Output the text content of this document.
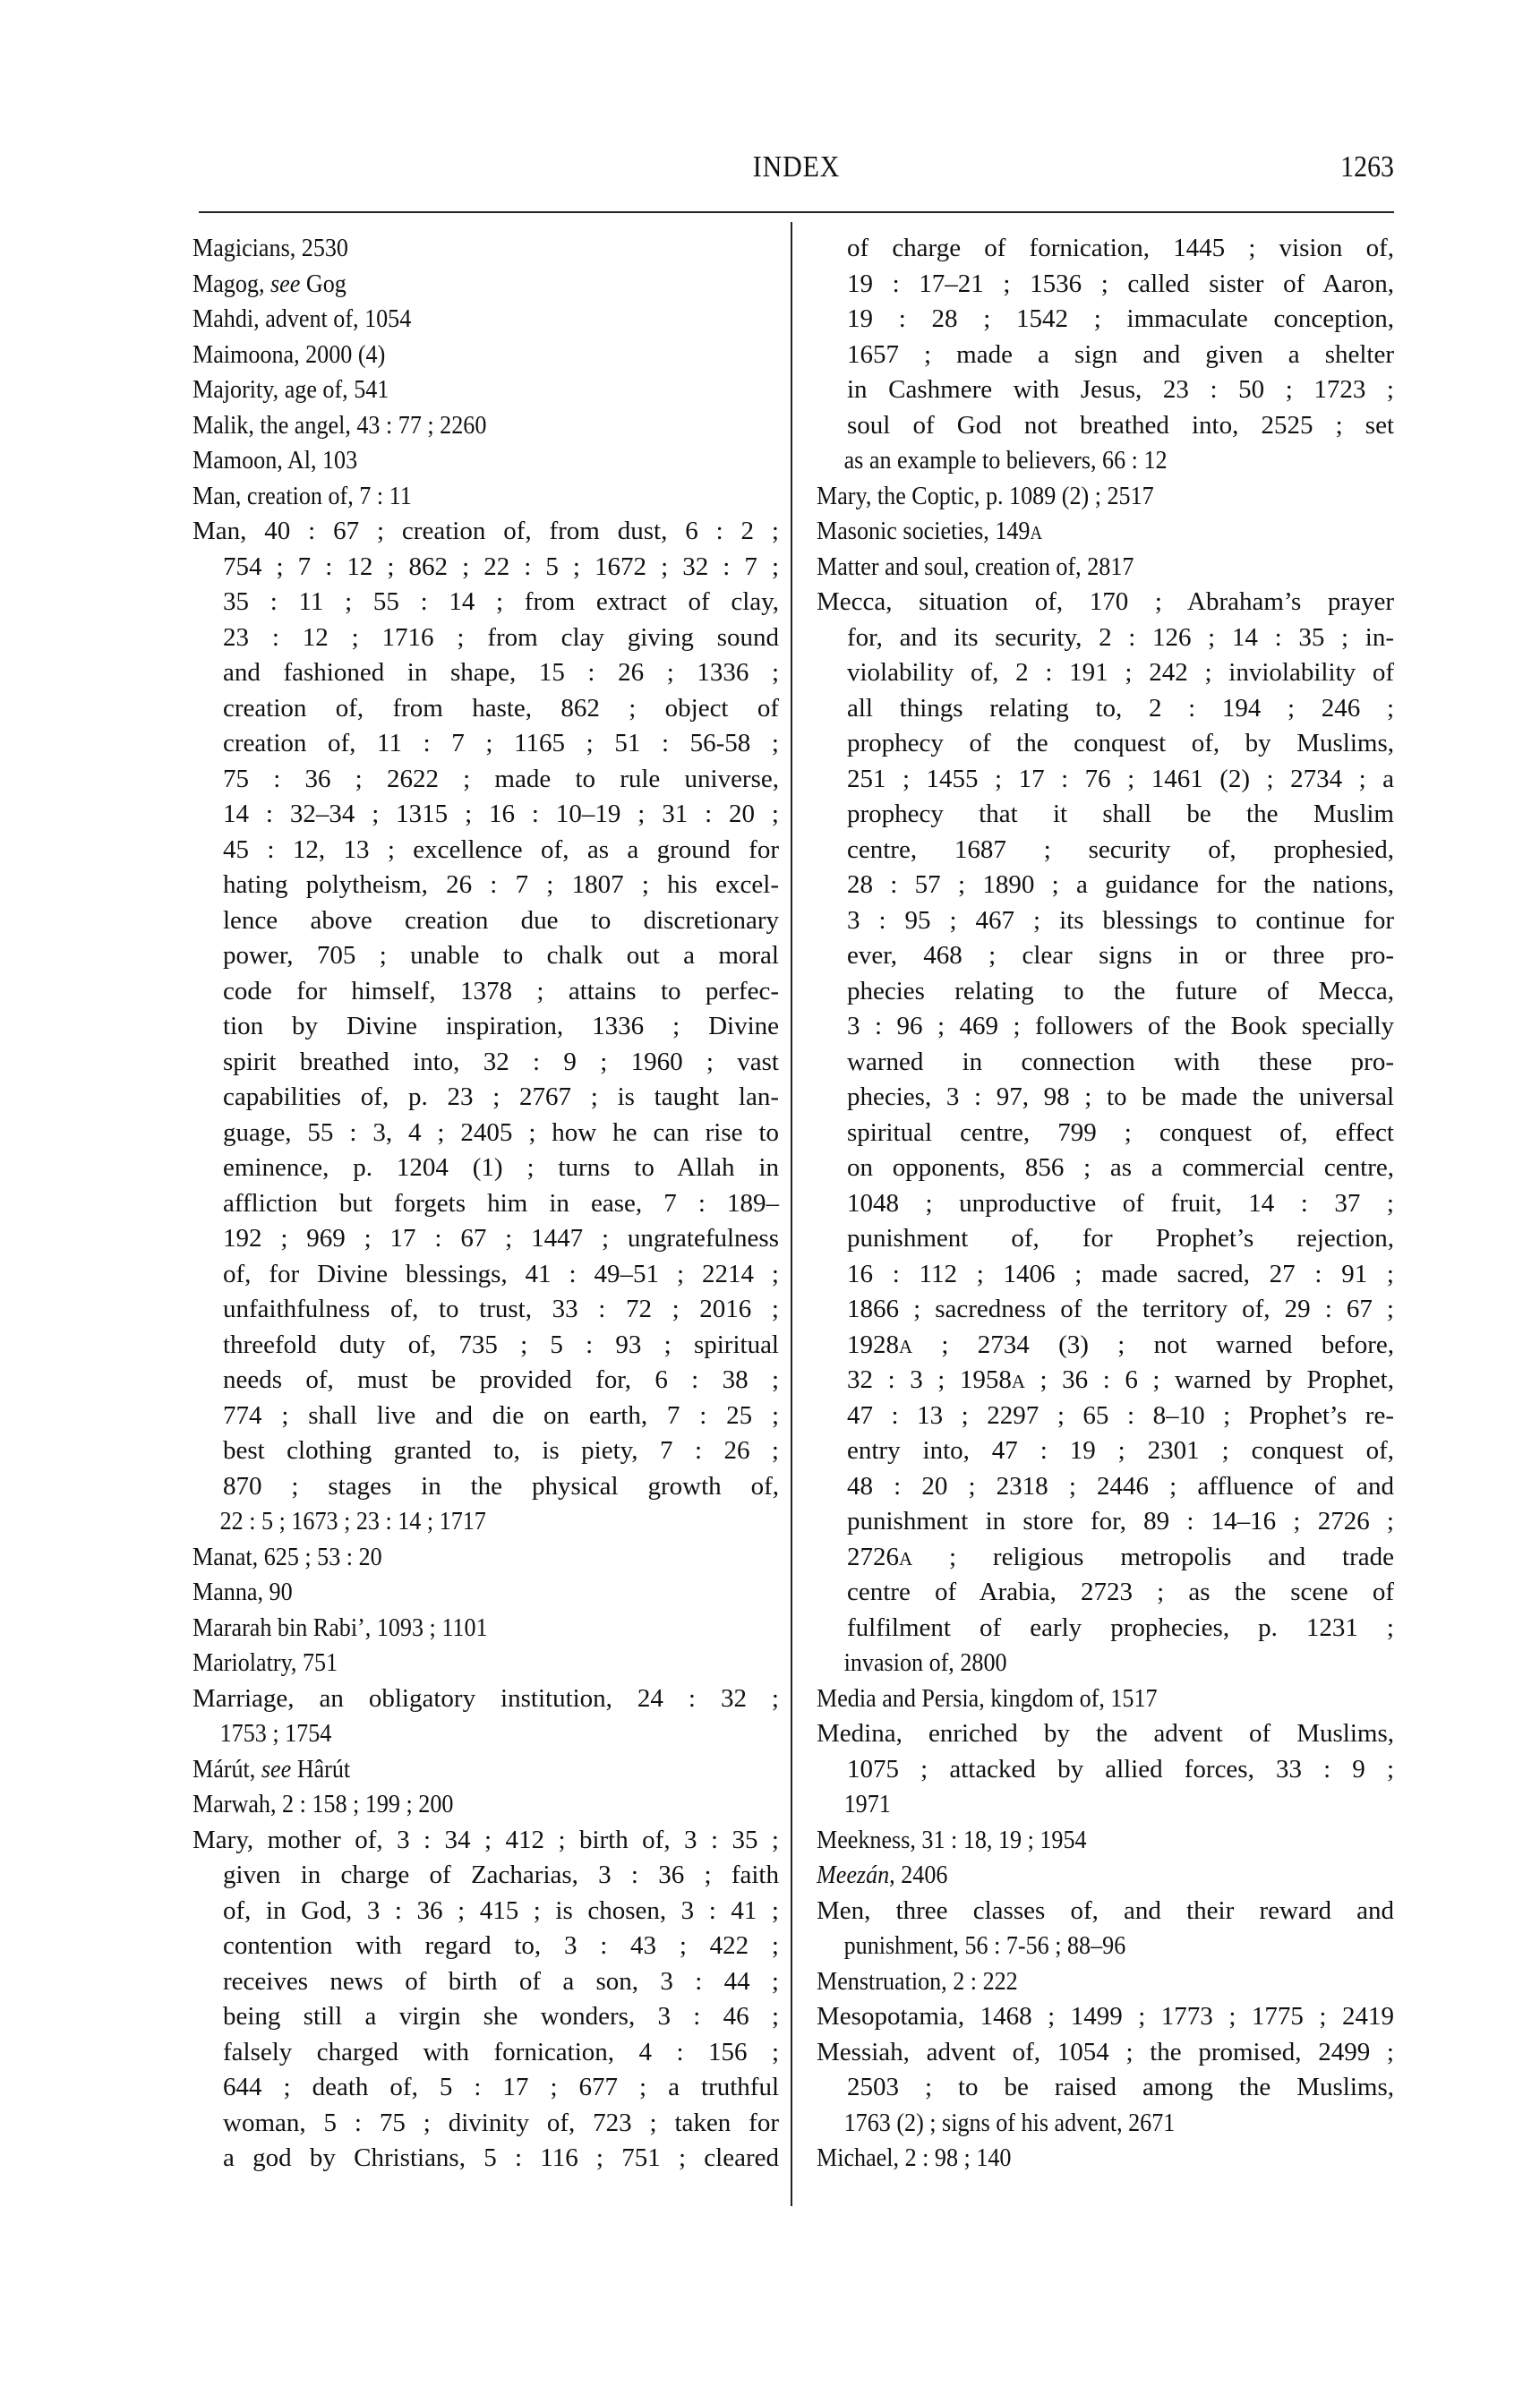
INDEX	1263
Magicians, 2530
Magog, see Gog
Mahdi, advent of, 1054
Maimoona, 2000 (4)
Majority, age of, 541
Malik, the angel, 43 : 77 ; 2260
Mamoon, Al, 103
Man, creation of, 7 : 11
Man, 40 : 67 ; creation of, from dust, 6 : 2 ;
754 ; 7 : 12 ; 862 ; 22 : 5 ; 1672 ; 32 : 7 ;
35 : 11 ; 55 : 14 ; from extract of clay,
23 : 12 ; 1716 ; from clay giving sound
and fashioned in shape, 15 : 26 ; 1336 ;
creation of, from haste, 862 ; object of
creation of, 11 : 7 ; 1165 ; 51 : 56-58 ;
75 : 36 ; 2622 ; made to rule universe,
14 : 32–34 ; 1315 ; 16 : 10–19 ; 31 : 20 ;
45 : 12, 13 ; excellence of, as a ground for
hating polytheism, 26 : 7 ; 1807 ; his excel-
lence above creation due to discretionary
power, 705 ; unable to chalk out a moral
code for himself, 1378 ; attains to perfec-
tion by Divine inspiration, 1336 ; Divine
spirit breathed into, 32 : 9 ; 1960 ; vast
capabilities of, p. 23 ; 2767 ; is taught lan-
guage, 55 : 3, 4 ; 2405 ; how he can rise to
eminence, p. 1204 (1) ; turns to Allah in
affliction but forgets him in ease, 7 : 189–
192 ; 969 ; 17 : 67 ; 1447 ; ungratefulness
of, for Divine blessings, 41 : 49–51 ; 2214 ;
unfaithfulness of, to trust, 33 : 72 ; 2016 ;
threefold duty of, 735 ; 5 : 93 ; spiritual
needs of, must be provided for, 6 : 38 ;
774 ; shall live and die on earth, 7 : 25 ;
best clothing granted to, is piety, 7 : 26 ;
870 ; stages in the physical growth of,
22 : 5 ; 1673 ; 23 : 14 ; 1717
Manat, 625 ; 53 : 20
Manna, 90
Mararah bin Rabi’, 1093 ; 1101
Mariolatry, 751
Marriage, an obligatory institution, 24 : 32 ;
1753 ; 1754
Márút, see Hârút
Marwah, 2 : 158 ; 199 ; 200
Mary, mother of, 3 : 34 ; 412 ; birth of, 3 : 35 ;
given in charge of Zacharias, 3 : 36 ; faith
of, in God, 3 : 36 ; 415 ; is chosen, 3 : 41 ;
contention with regard to, 3 : 43 ; 422 ;
receives news of birth of a son, 3 : 44 ;
being still a virgin she wonders, 3 : 46 ;
falsely charged with fornication, 4 : 156 ;
644 ; death of, 5 : 17 ; 677 ; a truthful
woman, 5 : 75 ; divinity of, 723 ; taken for
a god by Christians, 5 : 116 ; 751 ; cleared
of charge of fornication, 1445 ; vision of,
19 : 17–21 ; 1536 ; called sister of Aaron,
19 : 28 ; 1542 ; immaculate conception,
1657 ; made a sign and given a shelter
in Cashmere with Jesus, 23 : 50 ; 1723 ;
soul of God not breathed into, 2525 ; set
as an example to believers, 66 : 12
Mary, the Coptic, p. 1089 (2) ; 2517
Masonic societies, 149A
Matter and soul, creation of, 2817
Mecca, situation of, 170 ; Abraham’s prayer
for, and its security, 2 : 126 ; 14 : 35 ; in-
violability of, 2 : 191 ; 242 ; inviolability of
all things relating to, 2 : 194 ; 246 ;
prophecy of the conquest of, by Muslims,
251 ; 1455 ; 17 : 76 ; 1461 (2) ; 2734 ; a
prophecy that it shall be the Muslim
centre, 1687 ; security of, prophesied,
28 : 57 ; 1890 ; a guidance for the nations,
3 : 95 ; 467 ; its blessings to continue for
ever, 468 ; clear signs in or three pro-
phecies relating to the future of Mecca,
3 : 96 ; 469 ; followers of the Book specially
warned in connection with these pro-
phecies, 3 : 97, 98 ; to be made the universal
spiritual centre, 799 ; conquest of, effect
on opponents, 856 ; as a commercial centre,
1048 ; unproductive of fruit, 14 : 37 ;
punishment of, for Prophet’s rejection,
16 : 112 ; 1406 ; made sacred, 27 : 91 ;
1866 ; sacredness of the territory of, 29 : 67 ;
1928A ; 2734 (3) ; not warned before,
32 : 3 ; 1958A ; 36 : 6 ; warned by Prophet,
47 : 13 ; 2297 ; 65 : 8–10 ; Prophet’s re-
entry into, 47 : 19 ; 2301 ; conquest of,
48 : 20 ; 2318 ; 2446 ; affluence of and
punishment in store for, 89 : 14–16 ; 2726 ;
2726A ; religious metropolis and trade
centre of Arabia, 2723 ; as the scene of
fulfilment of early prophecies, p. 1231 ;
invasion of, 2800
Media and Persia, kingdom of, 1517
Medina, enriched by the advent of Muslims,
1075 ; attacked by allied forces, 33 : 9 ;
1971
Meekness, 31 : 18, 19 ; 1954
Meezán, 2406
Men, three classes of, and their reward and
punishment, 56 : 7-56 ; 88–96
Menstruation, 2 : 222
Mesopotamia, 1468 ; 1499 ; 1773 ; 1775 ; 2419
Messiah, advent of, 1054 ; the promised, 2499 ;
2503 ; to be raised among the Muslims,
1763 (2) ; signs of his advent, 2671
Michael, 2 : 98 ; 140
